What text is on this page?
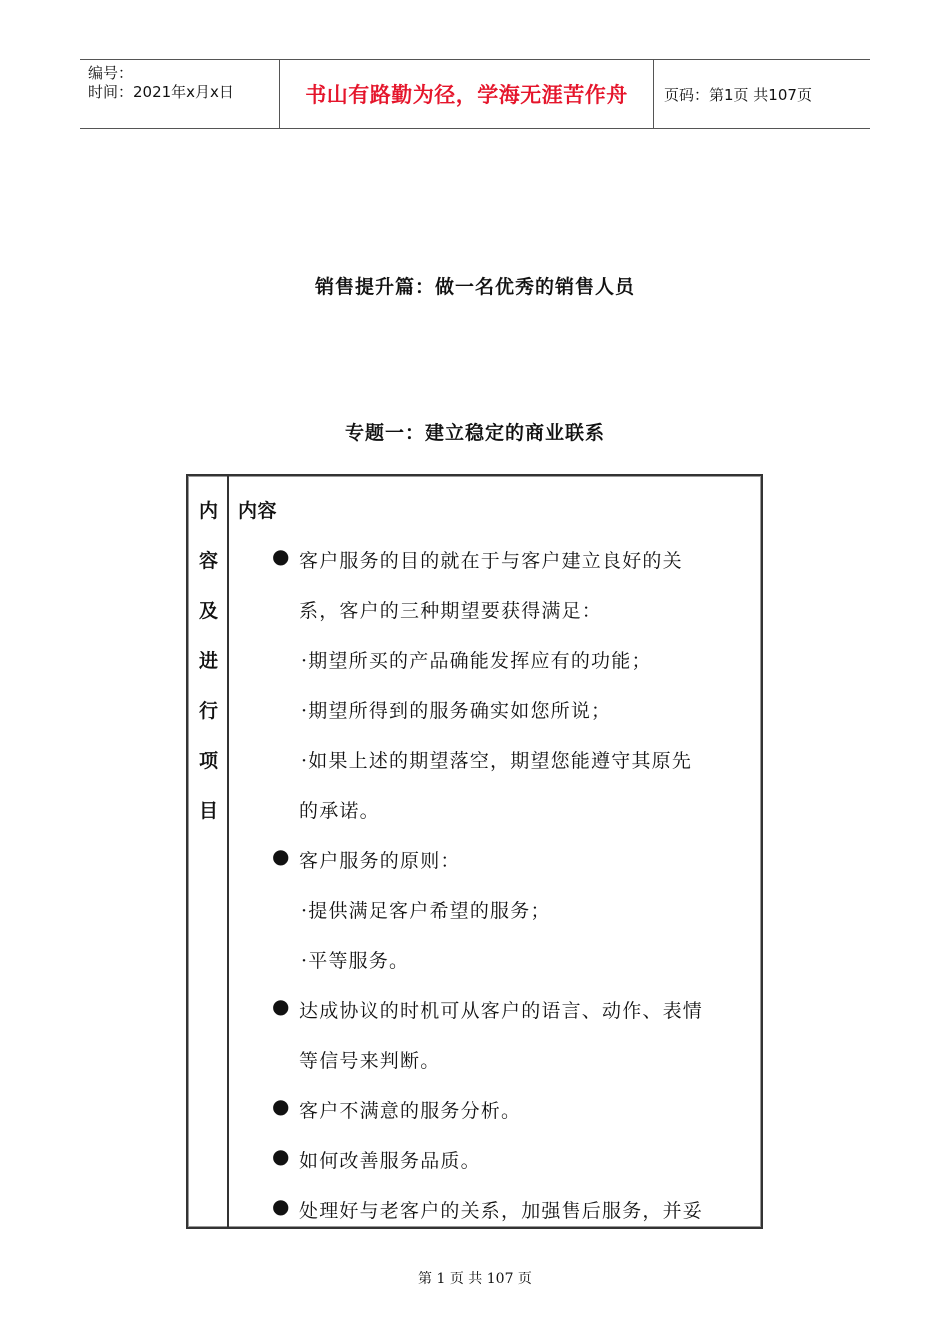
编号：
时间：2021年x月x日	书山有路勤为径，学海无涯苦作舟	页码：第1页 共107页
销售提升篇：做一名优秀的销售人员
专题一：建立稳定的商业联系
内
容
及
进
行
项
目
内容
● 客户服务的目的就在于与客户建立良好的关
系，客户的三种期望要获得满足：
·期望所买的产品确能发挥应有的功能；
·期望所得到的服务确实如您所说；
·如果上述的期望落空，期望您能遵守其原先
的承诺。
● 客户服务的原则：
·提供满足客户希望的服务；
·平等服务。
● 达成协议的时机可从客户的语言、动作、表情
等信号来判断。
● 客户不满意的服务分析。
● 如何改善服务品质。
● 处理好与老客户的关系，加强售后服务，并妥
第 1 页 共 107 页
